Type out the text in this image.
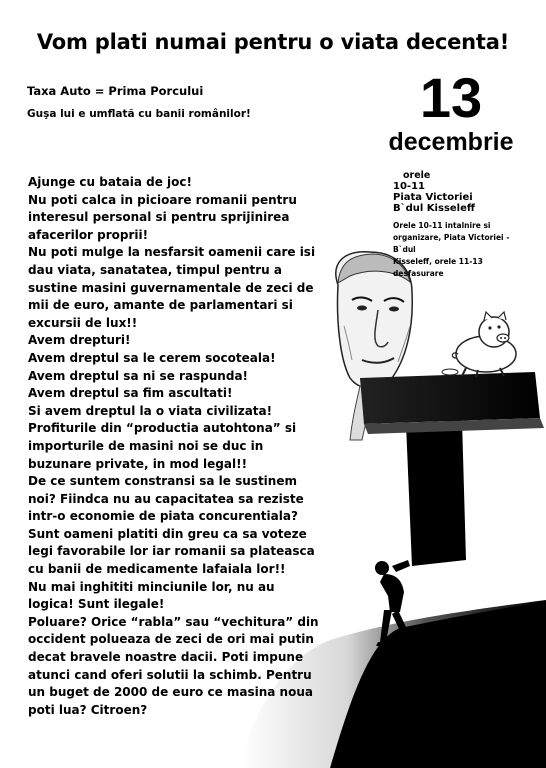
Vom plati numai pentru o viata decenta!
Taxa Auto = Prima Porcului
Guşa lui e umflată cu banii românilor!	13
decembrie
orele
10-11
Piata Victoriei
B`dul Kisseleff
Orele 10-11 intalnire si
organizare, Piata Victoriei - B`dul
Kisseleff, orele 11-13
desfasurare
Ajunge cu bataia de joc!
Nu poti calca in picioare romanii pentru
interesul personal si pentru sprijinirea
afacerilor proprii!
Nu poti mulge la nesfarsit oamenii care isi
dau viata, sanatatea, timpul pentru a
sustine masini guvernamentale de zeci de
mii de euro, amante de parlamentari si
excursii de lux!!
Avem drepturi!
Avem dreptul sa le cerem socoteala!
Avem dreptul sa ni se raspunda!
Avem dreptul sa fim ascultati!
Si avem dreptul la o viata civilizata!
Profiturile din “productia autohtona” si
importurile de masini noi se duc in
buzunare private, in mod legal!!
De ce suntem constransi sa le sustinem
noi? Fiindca nu au capacitatea sa reziste
intr-o economie de piata concurentiala?
Sunt oameni platiti din greu ca sa voteze
legi favorabile lor iar romanii sa plateasca
cu banii de medicamente lafaiala lor!!
Nu mai inghititi minciunile lor, nu au
logica! Sunt ilegale!
Poluare? Orice “rabla” sau “vechitura” din
occident polueaza de zeci de ori mai putin
decat bravele noastre dacii. Poti impune
atunci cand oferi solutii la schimb. Pentru
un buget de 2000 de euro ce masina noua
poti lua? Citroen?
